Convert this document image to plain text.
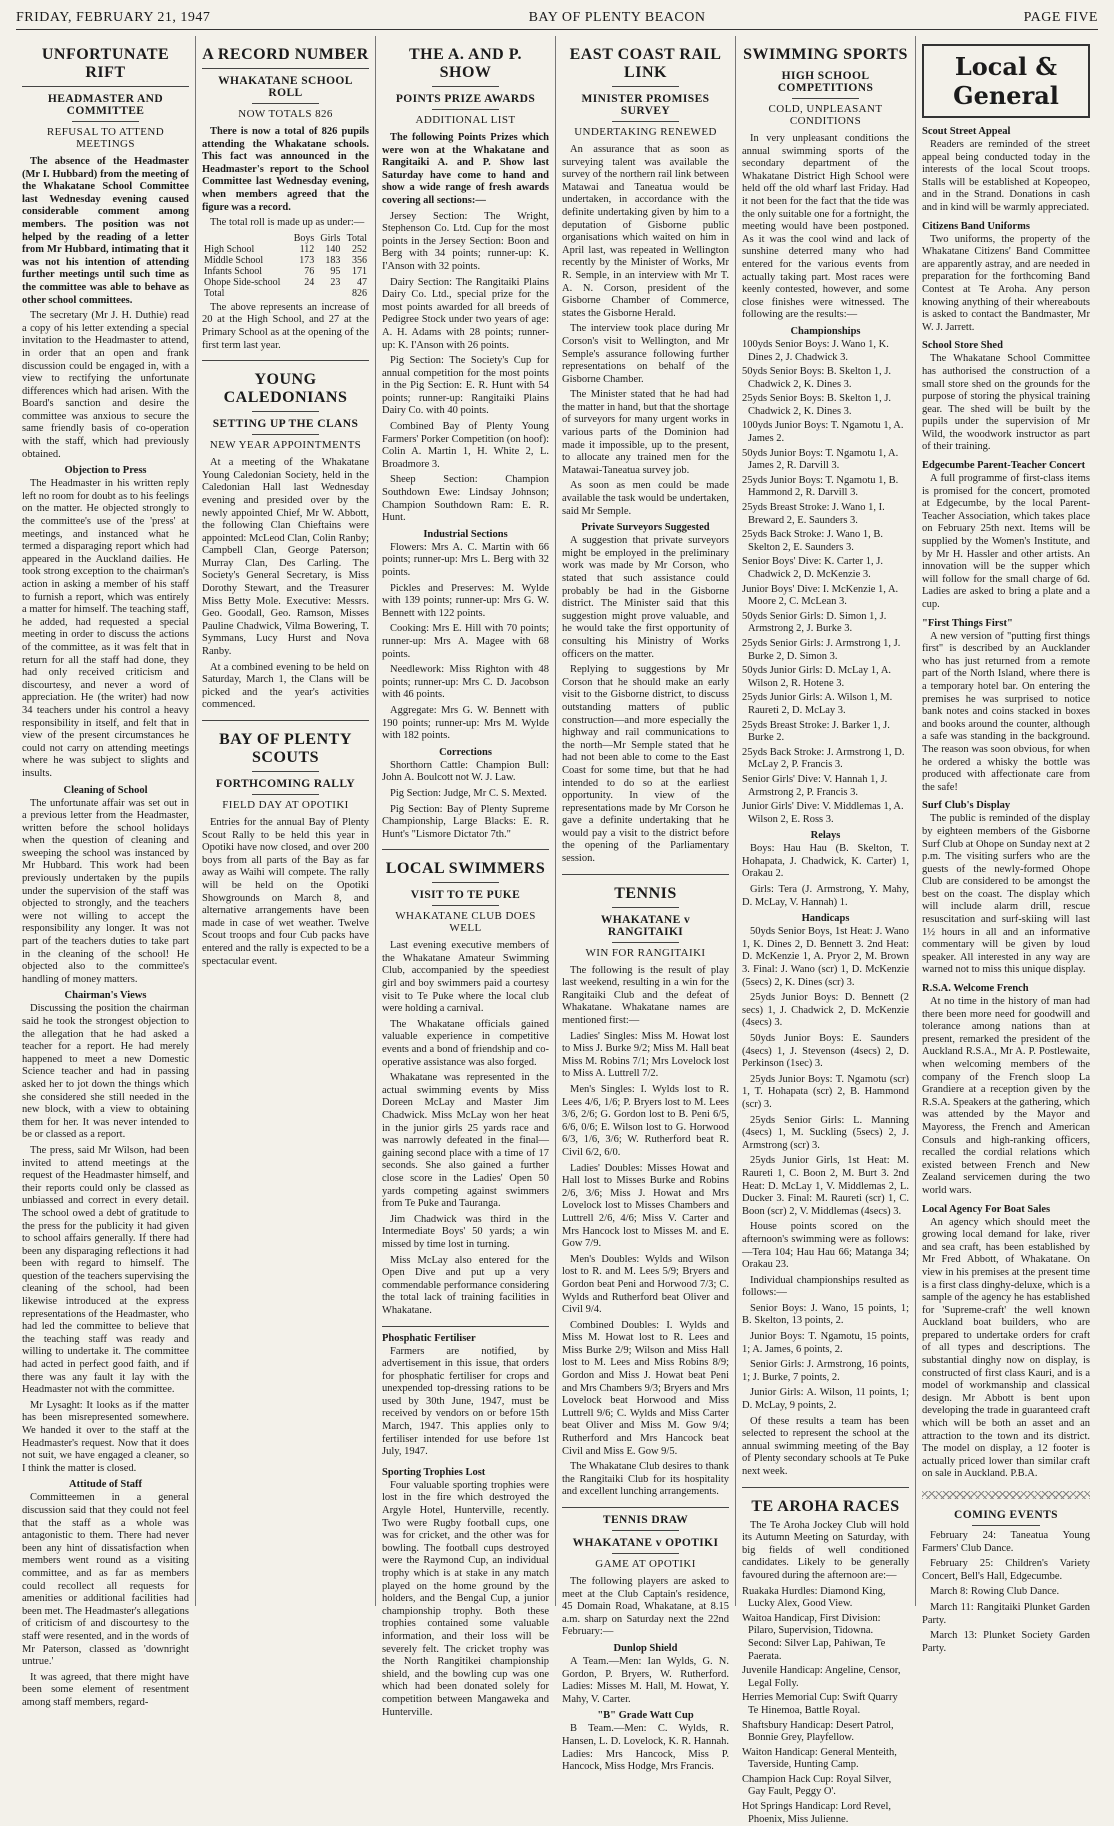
FRIDAY, FEBRUARY 21, 1947	BAY OF PLENTY BEACON	PAGE FIVE
UNFORTUNATE RIFT
HEADMASTER AND COMMITTEE
REFUSAL TO ATTEND MEETINGS

The absence of the Headmaster (Mr I. Hubbard) from the meeting of the Whakatane School Committee last Wednesday evening caused considerable comment among members. The position was not helped by the reading of a letter from Mr Hubbard, intimating that it was not his intention of attending further meetings until such time as the committee was able to behave as other school committees.

The secretary (Mr J. H. Duthie) read a copy of his letter extending a special invitation to the Headmaster to attend, in order that an open and frank discussion could be engaged in, with a view to rectifying the unfortunate differences which had arisen. With the Board's sanction and desire the committee was anxious to secure the same friendly basis of co-operation with the staff, which had previously obtained.

Objection to Press

The Headmaster in his written reply left no room for doubt as to his feelings on the matter. He objected strongly to the committee's use of the 'press' at meetings, and instanced what he termed a disparaging report which had appeared in the Auckland dailies. He took strong exception to the chairman's action in asking a member of his staff to furnish a report, which was entirely a matter for himself. The teaching staff, he added, had requested a special meeting in order to discuss the actions of the committee, as it was felt that in return for all the staff had done, they had only received criticism and discourtesy, and never a word of appreciation. He (the writer) had now 34 teachers under his control a heavy responsibility in itself, and felt that in view of the present circumstances he could not carry on attending meetings where he was subject to slights and insults.

Cleaning of School

The unfortunate affair was set out in a previous letter from the Headmaster, written before the school holidays when the question of cleaning and sweeping the school was instanced by Mr Hubbard. This work had been previously undertaken by the pupils under the supervision of the staff was objected to strongly, and the teachers were not willing to accept the responsibility any longer. It was not part of the teachers duties to take part in the cleaning of the school! He objected also to the committee's handling of money matters.

Chairman's Views

Discussing the position the chairman said he took the strongest objection to the allegation that he had asked a teacher for a report. He had merely happened to meet a new Domestic Science teacher and had in passing asked her to jot down the things which she considered she still needed in the new block, with a view to obtaining them for her. It was never intended to be or classed as a report.

The press, said Mr Wilson, had been invited to attend meetings at the request of the Headmaster himself, and their reports could only be classed as unbiassed and correct in every detail. The school owed a debt of gratitude to the press for the publicity it had given to school affairs generally. If there had been any disparaging reflections it had been with regard to himself. The question of the teachers supervising the cleaning of the school, had been likewise introduced at the express representations of the Headmaster, who had led the committee to believe that the teaching staff was ready and willing to undertake it. The committee had acted in perfect good faith, and if there was any fault it lay with the Headmaster not with the committee.

Mr Lysaght: It looks as if the matter has been misrepresented somewhere. We handed it over to the staff at the Headmaster's request. Now that it does not suit, we have engaged a cleaner, so I think the matter is closed.

Attitude of Staff

Committeemen in a general discussion said that they could not feel that the staff as a whole was antagonistic to them. There had never been any hint of dissatisfaction when members went round as a visiting committee, and as far as members could recollect all requests for amenities or additional facilities had been met. The Headmaster's allegations of criticism of and discourtesy to the staff were resented, and in the words of Mr Paterson, classed as 'downright untrue.'

It was agreed, that there might have been some element of resentment among staff members, regard-

A RECORD NUMBER
WHAKATANE SCHOOL ROLL
NOW TOTALS 826

There is now a total of 826 pupils attending the Whakatane schools. This fact was announced in the Headmaster's report to the School Committee last Wednesday evening, when members agreed that the figure was a record.

The total roll is made up as under:—

	Boys	Girls	Total
High School	112	140	252
Middle School	173	183	356
Infants School	76	95	171
Ohope Side-school	24	23	47
Total			826

The above represents an increase of 20 at the High School, and 27 at the Primary School as at the opening of the first term last year.

YOUNG CALEDONIANS
SETTING UP THE CLANS
NEW YEAR APPOINTMENTS

At a meeting of the Whakatane Young Caledonian Society, held in the Caledonian Hall last Wednesday evening and presided over by the newly appointed Chief, Mr W. Abbott, the following Clan Chieftains were appointed: McLeod Clan, Colin Ranby; Campbell Clan, George Paterson; Murray Clan, Des Carling. The Society's General Secretary, is Miss Dorothy Stewart, and the Treasurer Miss Betty Mole. Executive: Messrs. Geo. Goodall, Geo. Ramson, Misses Pauline Chadwick, Vilma Bowering, T. Symmans, Lucy Hurst and Nova Ranby.

At a combined evening to be held on Saturday, March 1, the Clans will be picked and the year's activities commenced.

BAY OF PLENTY SCOUTS
FORTHCOMING RALLY
FIELD DAY AT OPOTIKI

Entries for the annual Bay of Plenty Scout Rally to be held this year in Opotiki have now closed, and over 200 boys from all parts of the Bay as far away as Waihi will compete. The rally will be held on the Opotiki Showgrounds on March 8, and alternative arrangements have been made in case of wet weather. Twelve Scout troops and four Cub packs have entered and the rally is expected to be a spectacular event.

THE A. AND P. SHOW
POINTS PRIZE AWARDS
ADDITIONAL LIST

The following Points Prizes which were won at the Whakatane and Rangitaiki A. and P. Show last Saturday have come to hand and show a wide range of fresh awards covering all sections:—

Jersey Section: The Wright, Stephenson Co. Ltd. Cup for the most points in the Jersey Section: Boon and Berg with 34 points; runner-up: K. I'Anson with 32 points.

Dairy Section: The Rangitaiki Plains Dairy Co. Ltd., special prize for the most points awarded for all breeds of Pedigree Stock under two years of age: A. H. Adams with 28 points; runner-up: K. I'Anson with 26 points.

Pig Section: The Society's Cup for annual competition for the most points in the Pig Section: E. R. Hunt with 54 points; runner-up: Rangitaiki Plains Dairy Co. with 40 points.

Combined Bay of Plenty Young Farmers' Porker Competition (on hoof): Colin A. Martin 1, H. White 2, L. Broadmore 3.

Sheep Section: Champion Southdown Ewe: Lindsay Johnson; Champion Southdown Ram: E. R. Hunt.

Industrial Sections

Flowers: Mrs A. C. Martin with 66 points; runner-up: Mrs L. Berg with 32 points.

Pickles and Preserves: M. Wylde with 139 points; runner-up: Mrs G. W. Bennett with 122 points.

Cooking: Mrs E. Hill with 70 points; runner-up: Mrs A. Magee with 68 points.

Needlework: Miss Righton with 48 points; runner-up: Mrs C. D. Jacobson with 46 points.

Aggregate: Mrs G. W. Bennett with 190 points; runner-up: Mrs M. Wylde with 182 points.

Corrections

Shorthorn Cattle: Champion Bull: John A. Boulcott not W. J. Law.

Pig Section: Judge, Mr C. S. Mexted.

Pig Section: Bay of Plenty Supreme Championship, Large Blacks: E. R. Hunt's "Lismore Dictator 7th."

LOCAL SWIMMERS
VISIT TO TE PUKE
WHAKATANE CLUB DOES WELL

Last evening executive members of the Whakatane Amateur Swimming Club, accompanied by the speediest girl and boy swimmers paid a courtesy visit to Te Puke where the local club were holding a carnival.

The Whakatane officials gained valuable experience in competitive events and a bond of friendship and co-operative assistance was also forged.

Whakatane was represented in the actual swimming events by Miss Doreen McLay and Master Jim Chadwick. Miss McLay won her heat in the junior girls 25 yards race and was narrowly defeated in the final—gaining second place with a time of 17 seconds. She also gained a further close score in the Ladies' Open 50 yards competing against swimmers from Te Puke and Tauranga.

Jim Chadwick was third in the Intermediate Boys' 50 yards; a win missed by time lost in turning.

Miss McLay also entered for the Open Dive and put up a very commendable performance considering the total lack of training facilities in Whakatane.

Phosphatic Fertiliser

Farmers are notified, by advertisement in this issue, that orders for phosphatic fertiliser for crops and unexpended top-dressing rations to be used by 30th June, 1947, must be received by vendors on or before 15th March, 1947. This applies only to fertiliser intended for use before 1st July, 1947.

Sporting Trophies Lost

Four valuable sporting trophies were lost in the fire which destroyed the Argyle Hotel, Hunterville, recently. Two were Rugby football cups, one was for cricket, and the other was for bowling. The football cups destroyed were the Raymond Cup, an individual trophy which is at stake in any match played on the home ground by the holders, and the Bengal Cup, a junior championship trophy. Both these trophies contained some valuable information, and their loss will be severely felt. The cricket trophy was the North Rangitikei championship shield, and the bowling cup was one which had been donated solely for competition between Mangaweka and Hunterville.

EAST COAST RAIL LINK
MINISTER PROMISES SURVEY
UNDERTAKING RENEWED

An assurance that as soon as surveying talent was available the survey of the northern rail link between Matawai and Taneatua would be undertaken, in accordance with the definite undertaking given by him to a deputation of Gisborne public organisations which waited on him in April last, was repeated in Wellington recently by the Minister of Works, Mr R. Semple, in an interview with Mr T. A. N. Corson, president of the Gisborne Chamber of Commerce, states the Gisborne Herald.

The interview took place during Mr Corson's visit to Wellington, and Mr Semple's assurance following further representations on behalf of the Gisborne Chamber.

The Minister stated that he had had the matter in hand, but that the shortage of surveyors for many urgent works in various parts of the Dominion had made it impossible, up to the present, to allocate any trained men for the Matawai-Taneatua survey job.

As soon as men could be made available the task would be undertaken, said Mr Semple.

Private Surveyors Suggested

A suggestion that private surveyors might be employed in the preliminary work was made by Mr Corson, who stated that such assistance could probably be had in the Gisborne district. The Minister said that this suggestion might prove valuable, and he would take the first opportunity of consulting his Ministry of Works officers on the matter.

Replying to suggestions by Mr Corson that he should make an early visit to the Gisborne district, to discuss outstanding matters of public construction—and more especially the highway and rail communications to the north—Mr Semple stated that he had not been able to come to the East Coast for some time, but that he had intended to do so at the earliest opportunity. In view of the representations made by Mr Corson he gave a definite undertaking that he would pay a visit to the district before the opening of the Parliamentary session.

TENNIS
WHAKATANE v RANGITAIKI
WIN FOR RANGITAIKI

The following is the result of play last weekend, resulting in a win for the Rangitaiki Club and the defeat of Whakatane. Whakatane names are mentioned first:—

Ladies' Singles: Miss M. Howat lost to Miss J. Burke 9/2; Miss M. Hall beat Miss M. Robins 7/1; Mrs Lovelock lost to Miss A. Luttrell 7/2.

Men's Singles: I. Wylds lost to R. Lees 4/6, 1/6; P. Bryers lost to M. Lees 3/6, 2/6; G. Gordon lost to B. Peni 6/5, 6/6, 0/6; E. Wilson lost to G. Horwood 6/3, 1/6, 3/6; W. Rutherford beat R. Civil 6/2, 6/0.

Ladies' Doubles: Misses Howat and Hall lost to Misses Burke and Robins 2/6, 3/6; Miss J. Howat and Mrs Lovelock lost to Misses Chambers and Luttrell 2/6, 4/6; Miss V. Carter and Mrs Hancock lost to Misses M. and E. Gow 7/9.

Men's Doubles: Wylds and Wilson lost to R. and M. Lees 5/9; Bryers and Gordon beat Peni and Horwood 7/3; C. Wylds and Rutherford beat Oliver and Civil 9/4.

Combined Doubles: I. Wylds and Miss M. Howat lost to R. Lees and Miss Burke 2/9; Wilson and Miss Hall lost to M. Lees and Miss Robins 8/9; Gordon and Miss J. Howat beat Peni and Mrs Chambers 9/3; Bryers and Mrs Lovelock beat Horwood and Miss Luttrell 9/6; C. Wylds and Miss Carter beat Oliver and Miss M. Gow 9/4; Rutherford and Mrs Hancock beat Civil and Miss E. Gow 9/5.

The Whakatane Club desires to thank the Rangitaiki Club for its hospitality and excellent lunching arrangements.

TENNIS DRAW
WHAKATANE v OPOTIKI
GAME AT OPOTIKI

The following players are asked to meet at the Club Captain's residence, 45 Domain Road, Whakatane, at 8.15 a.m. sharp on Saturday next the 22nd February:—

Dunlop Shield

A Team.—Men: Ian Wylds, G. N. Gordon, P. Bryers, W. Rutherford. Ladies: Misses M. Hall, M. Howat, Y. Mahy, V. Carter.

"B" Grade Watt Cup

B Team.—Men: C. Wylds, R. Hansen, L. D. Lovelock, K. R. Hannah. Ladies: Mrs Hancock, Miss P. Hancock, Miss Hodge, Mrs Francis.

SWIMMING SPORTS
HIGH SCHOOL COMPETITIONS
COLD, UNPLEASANT CONDITIONS

In very unpleasant conditions the annual swimming sports of the secondary department of the Whakatane District High School were held off the old wharf last Friday. Had it not been for the fact that the tide was the only suitable one for a fortnight, the meeting would have been postponed. As it was the cool wind and lack of sunshine deterred many who had entered for the various events from actually taking part. Most races were keenly contested, however, and some close finishes were witnessed. The following are the results:—

Championships
100yds Senior Boys: J. Wano 1, K. Dines 2, J. Chadwick 3.
50yds Senior Boys: B. Skelton 1, J. Chadwick 2, K. Dines 3.
25yds Senior Boys: B. Skelton 1, J. Chadwick 2, K. Dines 3.
100yds Junior Boys: T. Ngamotu 1, A. James 2.
50yds Junior Boys: T. Ngamotu 1, A. James 2, R. Darvill 3.
25yds Junior Boys: T. Ngamotu 1, B. Hammond 2, R. Darvill 3.
25yds Breast Stroke: J. Wano 1, I. Breward 2, E. Saunders 3.
25yds Back Stroke: J. Wano 1, B. Skelton 2, E. Saunders 3.
Senior Boys' Dive: K. Carter 1, J. Chadwick 2, D. McKenzie 3.
Junior Boys' Dive: I. McKenzie 1, A. Moore 2, C. McLean 3.
50yds Senior Girls: D. Simon 1, J. Armstrong 2, J. Burke 3.
25yds Senior Girls: J. Armstrong 1, J. Burke 2, D. Simon 3.
50yds Junior Girls: D. McLay 1, A. Wilson 2, R. Hotene 3.
25yds Junior Girls: A. Wilson 1, M. Raureti 2, D. McLay 3.
25yds Breast Stroke: J. Barker 1, J. Burke 2.
25yds Back Stroke: J. Armstrong 1, D. McLay 2, P. Francis 3.
Senior Girls' Dive: V. Hannah 1, J. Armstrong 2, P. Francis 3.
Junior Girls' Dive: V. Middlemas 1, A. Wilson 2, E. Ross 3.
Relays

Boys: Hau Hau (B. Skelton, T. Hohapata, J. Chadwick, K. Carter) 1, Orakau 2.

Girls: Tera (J. Armstrong, Y. Mahy, D. McLay, V. Hannah) 1.

Handicaps

50yds Senior Boys, 1st Heat: J. Wano 1, K. Dines 2, D. Bennett 3. 2nd Heat: D. McKenzie 1, A. Pryor 2, M. Brown 3. Final: J. Wano (scr) 1, D. McKenzie (5secs) 2, K. Dines (scr) 3.

25yds Junior Boys: D. Bennett (2 secs) 1, J. Chadwick 2, D. McKenzie (4secs) 3.

50yds Junior Boys: E. Saunders (4secs) 1, J. Stevenson (4secs) 2, D. Perkinson (1sec) 3.

25yds Junior Boys: T. Ngamotu (scr) 1, T. Hohapata (scr) 2, B. Hammond (scr) 3.

25yds Senior Girls: L. Manning (4secs) 1, M. Suckling (5secs) 2, J. Armstrong (scr) 3.

25yds Junior Girls, 1st Heat: M. Raureti 1, C. Boon 2, M. Burt 3. 2nd Heat: D. McLay 1, V. Middlemas 2, L. Ducker 3. Final: M. Raureti (scr) 1, C. Boon (scr) 2, V. Middlemas (4secs) 3.

House points scored on the afternoon's swimming were as follows:—Tera 104; Hau Hau 66; Matanga 34; Orakau 23.

Individual championships resulted as follows:—

Senior Boys: J. Wano, 15 points, 1; B. Skelton, 13 points, 2.

Junior Boys: T. Ngamotu, 15 points, 1; A. James, 6 points, 2.

Senior Girls: J. Armstrong, 16 points, 1; J. Burke, 7 points, 2.

Junior Girls: A. Wilson, 11 points, 1; D. McLay, 9 points, 2.

Of these results a team has been selected to represent the school at the annual swimming meeting of the Bay of Plenty secondary schools at Te Puke next week.

TE AROHA RACES

The Te Aroha Jockey Club will hold its Autumn Meeting on Saturday, with big fields of well conditioned candidates. Likely to be generally favoured during the afternoon are:—

Ruakaka Hurdles: Diamond King, Lucky Alex, Good View.
Waitoa Handicap, First Division: Pilaro, Supervision, Tidowna. Second: Silver Lap, Pahiwan, Te Paerata.
Juvenile Handicap: Angeline, Censor, Legal Folly.
Herries Memorial Cup: Swift Quarry Te Hinemoa, Battle Royal.
Shaftsbury Handicap: Desert Patrol, Bonnie Grey, Playfellow.
Waiton Handicap: General Menteith, Taverside, Hunting Camp.
Champion Hack Cup: Royal Silver, Gay Fault, Peggy O'.
Hot Springs Handicap: Lord Revel, Phoenix, Miss Julienne.
Local & General
Scout Street Appeal

Readers are reminded of the street appeal being conducted today in the interests of the local Scout troops. Stalls will be established at Kopeopeo, and in the Strand. Donations in cash and in kind will be warmly appreciated.

Citizens Band Uniforms

Two uniforms, the property of the Whakatane Citizens' Band Committee are apparently astray, and are needed in preparation for the forthcoming Band Contest at Te Aroha. Any person knowing anything of their whereabouts is asked to contact the Bandmaster, Mr W. J. Jarrett.

School Store Shed

The Whakatane School Committee has authorised the construction of a small store shed on the grounds for the purpose of storing the physical training gear. The shed will be built by the pupils under the supervision of Mr Wild, the woodwork instructor as part of their training.

Edgecumbe Parent-Teacher Concert

A full programme of first-class items is promised for the concert, promoted at Edgecumbe, by the local Parent-Teacher Association, which takes place on February 25th next. Items will be supplied by the Women's Institute, and by Mr H. Hassler and other artists. An innovation will be the supper which will follow for the small charge of 6d. Ladies are asked to bring a plate and a cup.

"First Things First"

A new version of "putting first things first" is described by an Aucklander who has just returned from a remote part of the North Island, where there is a temporary hotel bar. On entering the premises he was surprised to notice bank notes and coins stacked in boxes and books around the counter, although a safe was standing in the background. The reason was soon obvious, for when he ordered a whisky the bottle was produced with affectionate care from the safe!

Surf Club's Display

The public is reminded of the display by eighteen members of the Gisborne Surf Club at Ohope on Sunday next at 2 p.m. The visiting surfers who are the guests of the newly-formed Ohope Club are considered to be amongst the best on the coast. The display which will include alarm drill, rescue resuscitation and surf-skiing will last 1½ hours in all and an informative commentary will be given by loud speaker. All interested in any way are warned not to miss this unique display.

R.S.A. Welcome French

At no time in the history of man had there been more need for goodwill and tolerance among nations than at present, remarked the president of the Auckland R.S.A., Mr A. P. Postlewaite, when welcoming members of the company of the French sloop La Grandiere at a reception given by the R.S.A. Speakers at the gathering, which was attended by the Mayor and Mayoress, the French and American Consuls and high-ranking officers, recalled the cordial relations which existed between French and New Zealand servicemen during the two world wars.

Local Agency For Boat Sales

An agency which should meet the growing local demand for lake, river and sea craft, has been established by Mr Fred Abbott, of Whakatane. On view in his premises at the present time is a first class dinghy-deluxe, which is a sample of the agency he has established for 'Supreme-craft' the well known Auckland boat builders, who are prepared to undertake orders for craft of all types and descriptions. The substantial dinghy now on display, is constructed of first class Kauri, and is a model of workmanship and classical design. Mr Abbott is bent upon developing the trade in guaranteed craft which will be both an asset and an attraction to the town and its district. The model on display, a 12 footer is actually priced lower than similar craft on sale in Auckland. P.B.A.

COMING EVENTS

February 24: Taneatua Young Farmers' Club Dance.

February 25: Children's Variety Concert, Bell's Hall, Edgecumbe.

March 8: Rowing Club Dance.

March 11: Rangitaiki Plunket Garden Party.

March 13: Plunket Society Garden Party.
